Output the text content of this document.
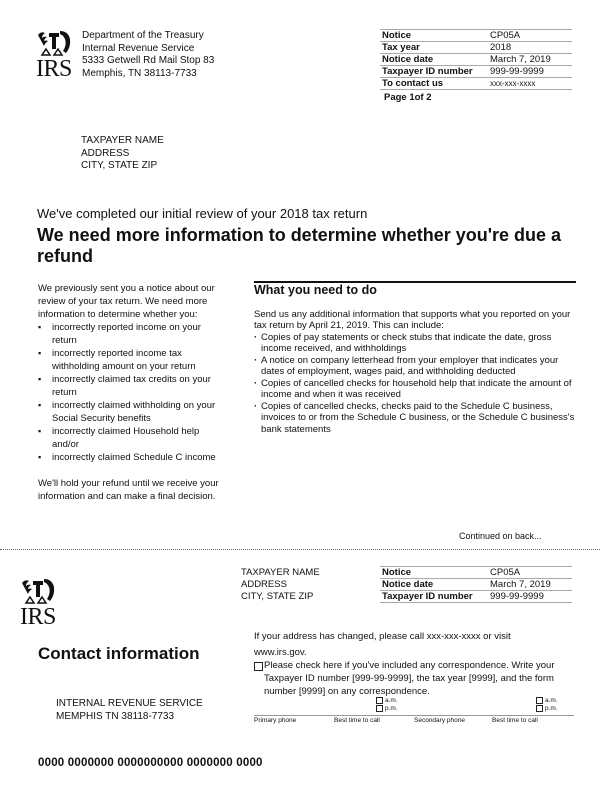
IRS
Department of the Treasury
Internal Revenue Service
5333 Getwell Rd Mail Stop 83
Memphis, TN 38113-7733
Notice	CP05A
Tax year	2018
Notice date	March 7, 2019
Taxpayer ID number	999-99-9999
To contact us	xxx-xxx-xxxx
Page 1of 2
TAXPAYER NAME
ADDRESS
CITY, STATE ZIP
We've completed our initial review of your 2018 tax return
We need more information to determine whether you're due a refund
We previously sent you a notice about our review of your tax return. We need more information to determine whether you:
▪ incorrectly reported income on your return
▪ incorrectly reported income tax withholding amount on your return
▪ incorrectly claimed tax credits on your return
▪ incorrectly claimed withholding on your Social Security benefits
▪ incorrectly claimed Household help and/or
▪ incorrectly claimed Schedule C income
We'll hold your refund until we receive your information and can make a final decision.
What you need to do
Send us any additional information that supports what you reported on your tax return by April 21, 2019. This can include:
· Copies of pay statements or check stubs that indicate the date, gross income received, and withholdings
· A notice on company letterhead from your employer that indicates your dates of employment, wages paid, and withholding deducted
· Copies of cancelled checks for household help that indicate the amount of income and when it was received
· Copies of cancelled checks, checks paid to the Schedule C business, invoices to or from the Schedule C business, or the Schedule C business's bank statements
Continued on back...
IRS
TAXPAYER NAME
ADDRESS
CITY, STATE ZIP
Notice	CP05A
Notice date	March 7, 2019
Taxpayer ID number	999-99-9999
Contact information
If your address has changed, please call xxx-xxx-xxxx or visit
www.irs.gov.
Please check here if you've included any correspondence. Write your Taxpayer ID number [999-99-9999], the tax year [9999], and the form number [9999] on any correspondence.
a.m.
p.m.
a.m.
p.m.
Primary phone	Best time to call	Secondary phone	Best time to call
INTERNAL REVENUE SERVICE
MEMPHIS TN 38118-7733
0000 0000000 0000000000 0000000 0000
